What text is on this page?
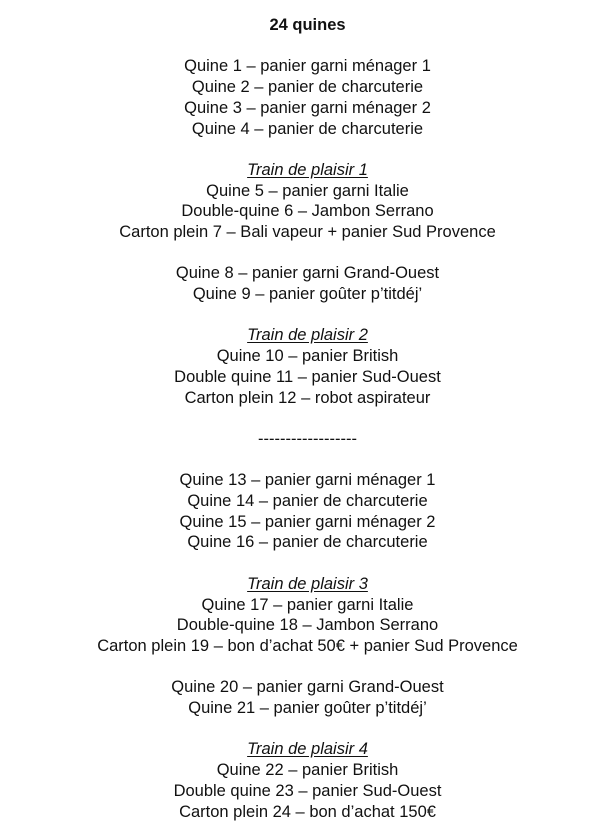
24 quines
Quine 1 – panier garni ménager 1
Quine 2 – panier de charcuterie
Quine 3 – panier garni ménager 2
Quine 4 – panier de charcuterie
Train de plaisir 1
Quine 5 – panier garni Italie
Double-quine 6 – Jambon Serrano
Carton plein 7 – Bali vapeur + panier Sud Provence
Quine 8 – panier garni Grand-Ouest
Quine 9 – panier goûter p’titdéj’
Train de plaisir 2
Quine 10 – panier British
Double quine 11 – panier Sud-Ouest
Carton plein 12 – robot aspirateur
------------------
Quine 13 – panier garni ménager 1
Quine 14 – panier de charcuterie
Quine 15 – panier garni ménager 2
Quine 16 – panier de charcuterie
Train de plaisir 3
Quine 17 – panier garni Italie
Double-quine 18 – Jambon Serrano
Carton plein 19 – bon d’achat 50€ + panier Sud Provence
Quine 20 – panier garni Grand-Ouest
Quine 21 – panier goûter p’titdéj’
Train de plaisir 4
Quine 22 – panier British
Double quine 23 – panier Sud-Ouest
Carton plein 24 – bon d’achat 150€
